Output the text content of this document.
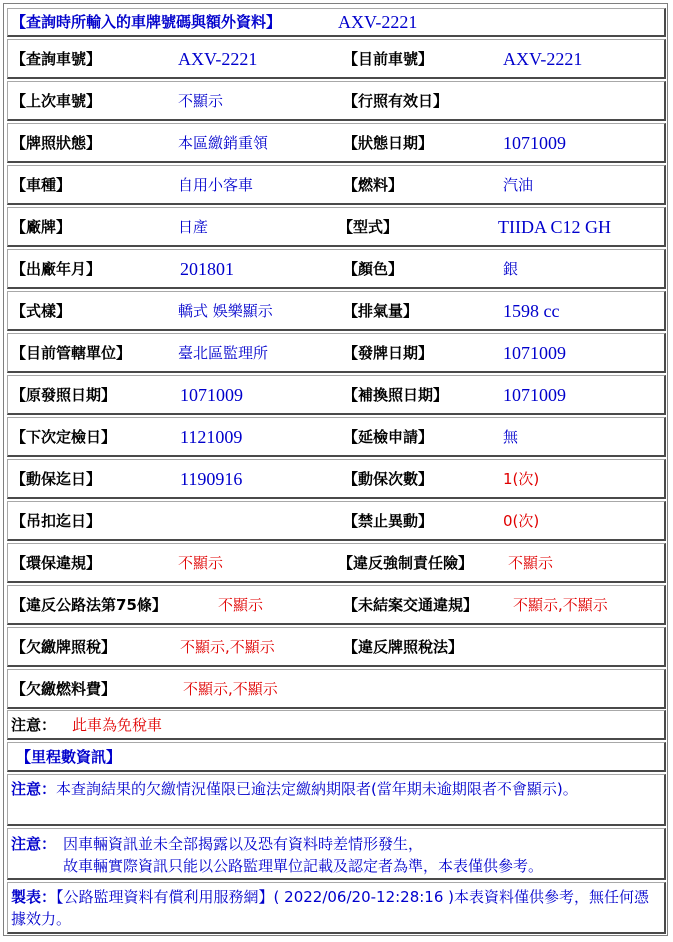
【查詢時所輸入的車牌號碼與額外資料】	AXV-2221
【查詢車號】	AXV-2221	【目前車號】	AXV-2221
【上次車號】	不顯示	【行照有效日】
【牌照狀態】	本區繳銷重領	【狀態日期】	1071009
【車種】	自用小客車	【燃料】	汽油
【廠牌】	日產	【型式】	TIIDA C12 GH
【出廠年月】	201801	【顏色】	銀
【式樣】	轎式 娛樂顯示	【排氣量】	1598 cc
【目前管轄單位】	臺北區監理所	【發牌日期】	1071009
【原發照日期】	1071009	【補換照日期】	1071009
【下次定檢日】	1121009	【延檢申請】	無
【動保迄日】	1190916	【動保次數】	1(次)
【吊扣迄日】	【禁止異動】	0(次)
【環保違規】	不顯示	【違反強制責任險】 不顯示
【違反公路法第75條】	不顯示	【未結案交通違規】 不顯示,不顯示
【欠繳牌照稅】	不顯示,不顯示	【違反牌照稅法】
【欠繳燃料費】	不顯示,不顯示
注意： 此車為免稅車
【里程數資訊】
注意：本查詢結果的欠繳情況僅限已逾法定繳納期限者(當年期未逾期限者不會顯示)。
注意： 因車輛資訊並未全部揭露以及恐有資料時差情形發生，
故車輛實際資訊只能以公路監理單位記載及認定者為準，本表僅供參考。
製表：【公路監理資料有償利用服務網】( 2022/06/20-12:28:16 )本表資料僅供參考，無任何憑據效力。
